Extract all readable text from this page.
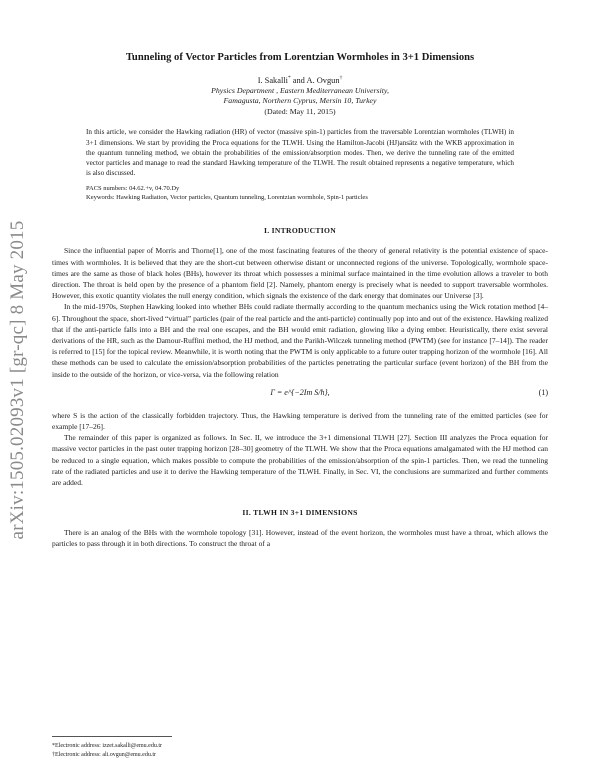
arXiv:1505.02093v1 [gr-qc] 8 May 2015
Tunneling of Vector Particles from Lorentzian Wormholes in 3+1 Dimensions

I. Sakalli* and A. Ovgun†

Physics Department , Eastern Mediterranean University,

Famagusta, Northern Cyprus, Mersin 10, Turkey

(Dated: May 11, 2015)

In this article, we consider the Hawking radiation (HR) of vector (massive spin-1) particles from the traversable Lorentzian wormholes (TLWH) in 3+1 dimensions. We start by providing the Proca equations for the TLWH. Using the Hamilton-Jacobi (HJ)ansätz with the WKB approximation in the quantum tunneling method, we obtain the probabilities of the emission/absorption modes. Then, we derive the tunneling rate of the emitted vector particles and manage to read the standard Hawking temperature of the TLWH. The result obtained represents a negative temperature, which is also discussed.

PACS numbers: 04.62.+v, 04.70.Dy
Keywords: Hawking Radiation, Vector particles, Quantum tunneling, Lorentzian wormhole, Spin-1 particles
I. INTRODUCTION

Since the influential paper of Morris and Thorne[1], one of the most fascinating features of the theory of general relativity is the potential existence of space-times with wormholes. It is believed that they are the short-cut between otherwise distant or unconnected regions of the universe. Topologically, wormhole space-times are the same as those of black holes (BHs), however its throat which possesses a minimal surface maintained in the time evolution allows a traveler to both direction. The throat is held open by the presence of a phantom field [2]. Namely, phantom energy is precisely what is needed to support traversable wormholes. However, this exotic quantity violates the null energy condition, which signals the existence of the dark energy that dominates our Universe [3].

In the mid-1970s, Stephen Hawking looked into whether BHs could radiate thermally according to the quantum mechanics using the Wick rotation method [4–6]. Throughout the space, short-lived “virtual” particles (pair of the real particle and the anti-particle) continually pop into and out of the existence. Hawking realized that if the anti-particle falls into a BH and the real one escapes, and the BH would emit radiation, glowing like a dying ember. Heuristically, there exist several derivations of the HR, such as the Damour-Ruffini method, the HJ method, and the Parikh-Wilczek tunneling method (PWTM) (see for instance [7–14]). The reader is referred to [15] for the topical review. Meanwhile, it is worth noting that the PWTM is only applicable to a future outer trapping horizon of the wormhole [16]. All these methods can be used to calculate the emission/absorption probabilities of the particles penetrating the particular surface (event horizon) of the BH from the inside to the outside of the horizon, or vice-versa, via the following relation

Γ = e^{−2Im S/ħ},	(1)

where S is the action of the classically forbidden trajectory. Thus, the Hawking temperature is derived from the tunneling rate of the emitted particles (see for example [17–26].

The remainder of this paper is organized as follows. In Sec. II, we introduce the 3+1 dimensional TLWH [27]. Section III analyzes the Proca equation for massive vector particles in the past outer trapping horizon [28–30] geometry of the TLWH. We show that the Proca equations amalgamated with the HJ method can be reduced to a single equation, which makes possible to compute the probabilities of the emission/absorption of the spin-1 particles. Then, we read the tunneling rate of the radiated particles and use it to derive the Hawking temperature of the TLWH. Finally, in Sec. VI, the conclusions are summarized and further comments are added.

II. TLWH IN 3+1 DIMENSIONS

There is an analog of the BHs with the wormhole topology [31]. However, instead of the event horizon, the wormholes must have a throat, which allows the particles to pass through it in both directions. To construct the throat of a

*Electronic address: izzet.sakalli@emu.edu.tr
†Electronic address: ali.ovgun@emu.edu.tr
